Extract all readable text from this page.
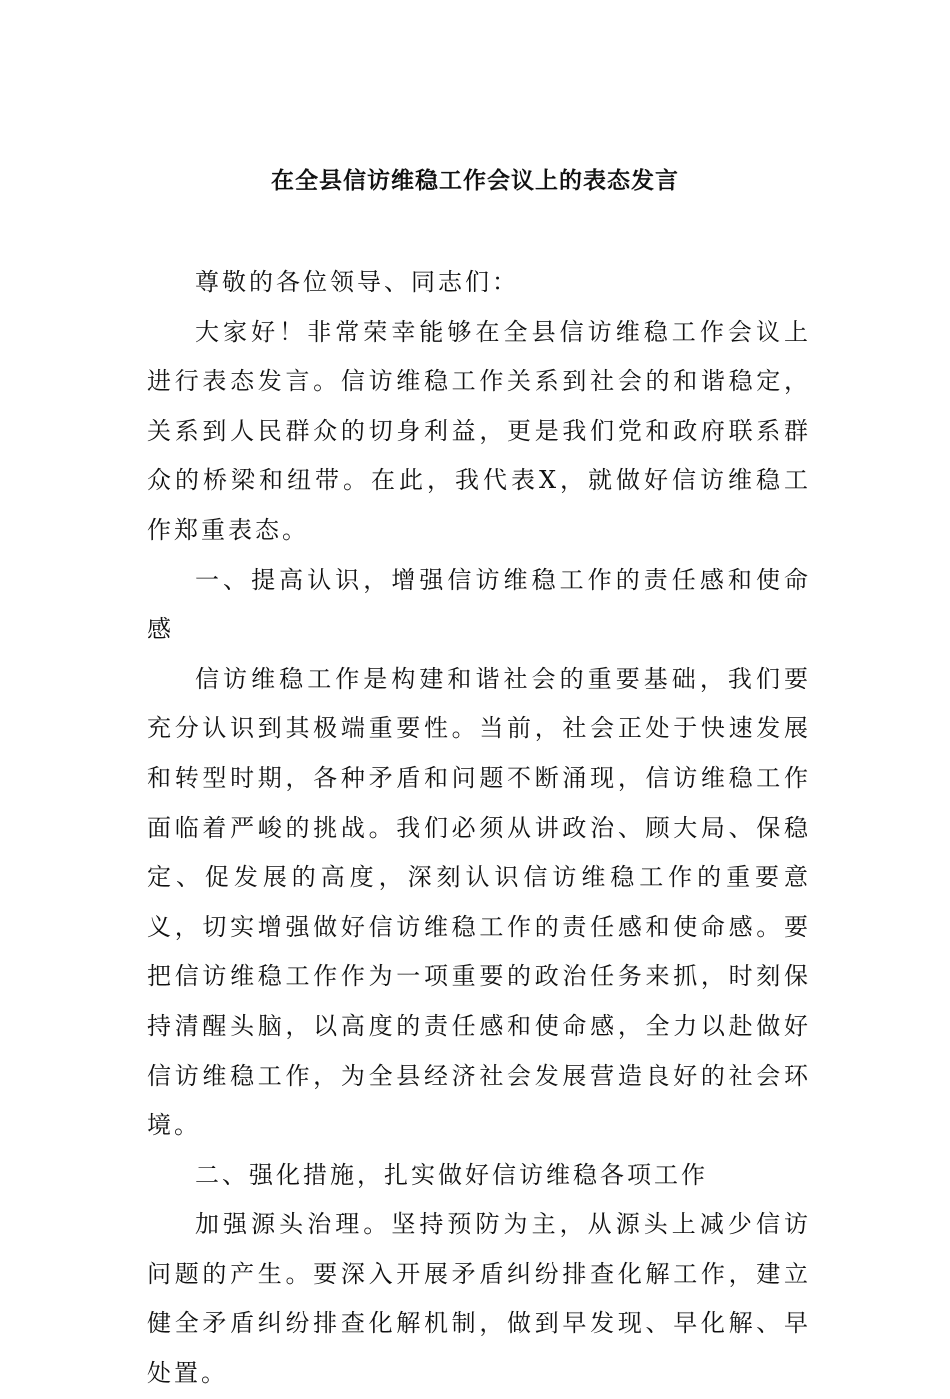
在全县信访维稳工作会议上的表态发言

尊敬的各位领导、同志们：

大家好！非常荣幸能够在全县信访维稳工作会议上进行表态发言。信访维稳工作关系到社会的和谐稳定，关系到人民群众的切身利益，更是我们党和政府联系群众的桥梁和纽带。在此，我代表X，就做好信访维稳工作郑重表态。

一、提高认识，增强信访维稳工作的责任感和使命感

信访维稳工作是构建和谐社会的重要基础，我们要充分认识到其极端重要性。当前，社会正处于快速发展和转型时期，各种矛盾和问题不断涌现，信访维稳工作面临着严峻的挑战。我们必须从讲政治、顾大局、保稳定、促发展的高度，深刻认识信访维稳工作的重要意义，切实增强做好信访维稳工作的责任感和使命感。要把信访维稳工作作为一项重要的政治任务来抓，时刻保持清醒头脑，以高度的责任感和使命感，全力以赴做好信访维稳工作，为全县经济社会发展营造良好的社会环境。

二、强化措施，扎实做好信访维稳各项工作

加强源头治理。坚持预防为主，从源头上减少信访问题的产生。要深入开展矛盾纠纷排查化解工作，建立健全矛盾纠纷排查化解机制，做到早发现、早化解、早处置。
